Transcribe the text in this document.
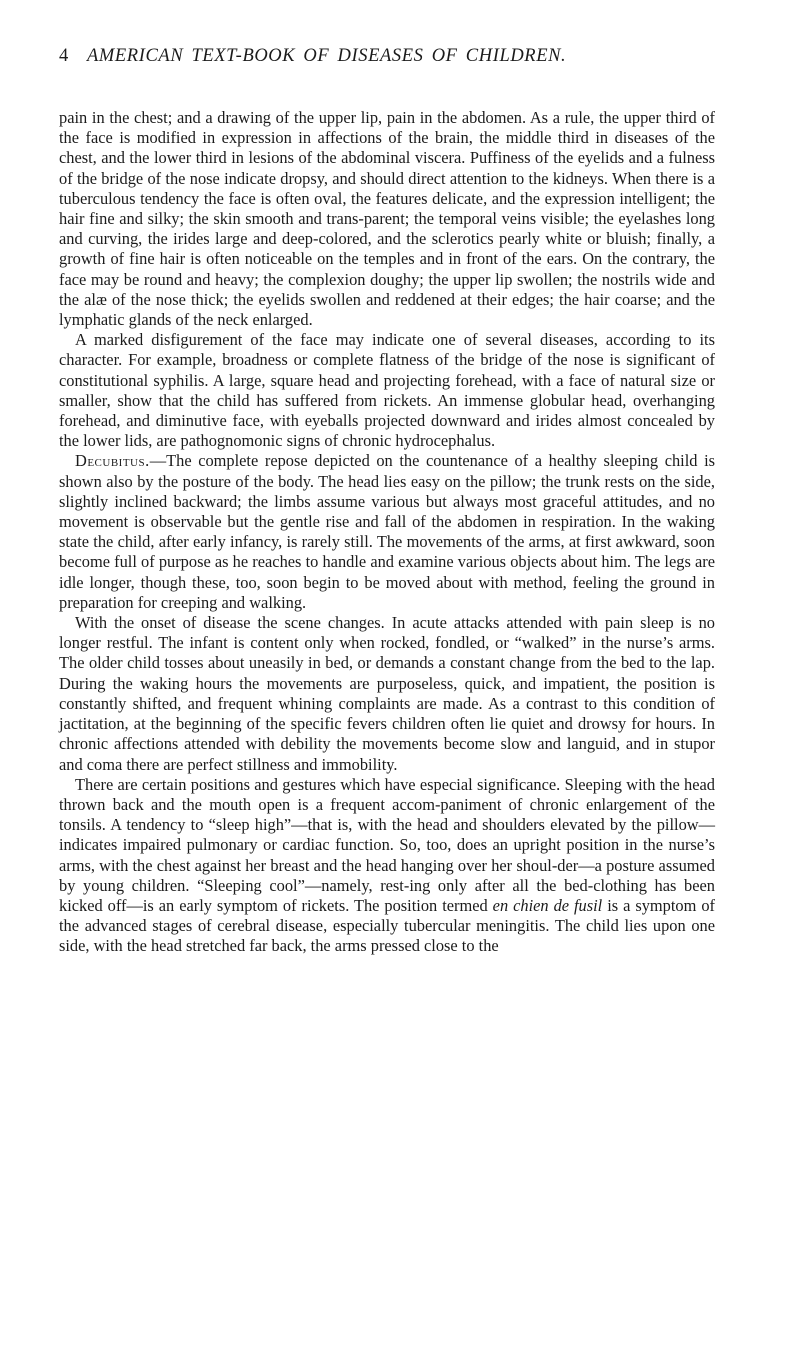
4 AMERICAN TEXT-BOOK OF DISEASES OF CHILDREN.

pain in the chest; and a drawing of the upper lip, pain in the abdomen. As a rule, the upper third of the face is modified in expression in affections of the brain, the middle third in diseases of the chest, and the lower third in lesions of the abdominal viscera. Puffiness of the eyelids and a fulness of the bridge of the nose indicate dropsy, and should direct attention to the kidneys. When there is a tuberculous tendency the face is often oval, the features delicate, and the expression intelligent; the hair fine and silky; the skin smooth and trans-parent; the temporal veins visible; the eyelashes long and curving, the irides large and deep-colored, and the sclerotics pearly white or bluish; finally, a growth of fine hair is often noticeable on the temples and in front of the ears. On the contrary, the face may be round and heavy; the complexion doughy; the upper lip swollen; the nostrils wide and the alæ of the nose thick; the eyelids swollen and reddened at their edges; the hair coarse; and the lymphatic glands of the neck enlarged.

A marked disfigurement of the face may indicate one of several diseases, according to its character. For example, broadness or complete flatness of the bridge of the nose is significant of constitutional syphilis. A large, square head and projecting forehead, with a face of natural size or smaller, show that the child has suffered from rickets. An immense globular head, overhanging forehead, and diminutive face, with eyeballs projected downward and irides almost concealed by the lower lids, are pathognomonic signs of chronic hydrocephalus.

Decubitus.—The complete repose depicted on the countenance of a healthy sleeping child is shown also by the posture of the body. The head lies easy on the pillow; the trunk rests on the side, slightly inclined backward; the limbs assume various but always most graceful attitudes, and no movement is observable but the gentle rise and fall of the abdomen in respiration. In the waking state the child, after early infancy, is rarely still. The movements of the arms, at first awkward, soon become full of purpose as he reaches to handle and examine various objects about him. The legs are idle longer, though these, too, soon begin to be moved about with method, feeling the ground in preparation for creeping and walking.

With the onset of disease the scene changes. In acute attacks attended with pain sleep is no longer restful. The infant is content only when rocked, fondled, or “walked” in the nurse’s arms. The older child tosses about uneasily in bed, or demands a constant change from the bed to the lap. During the waking hours the movements are purposeless, quick, and impatient, the position is constantly shifted, and frequent whining complaints are made. As a contrast to this condition of jactitation, at the beginning of the specific fevers children often lie quiet and drowsy for hours. In chronic affections attended with debility the movements become slow and languid, and in stupor and coma there are perfect stillness and immobility.

There are certain positions and gestures which have especial significance. Sleeping with the head thrown back and the mouth open is a frequent accom-paniment of chronic enlargement of the tonsils. A tendency to “sleep high”—that is, with the head and shoulders elevated by the pillow—indicates impaired pulmonary or cardiac function. So, too, does an upright position in the nurse’s arms, with the chest against her breast and the head hanging over her shoul-der—a posture assumed by young children. “Sleeping cool”—namely, rest-ing only after all the bed-clothing has been kicked off—is an early symptom of rickets. The position termed en chien de fusil is a symptom of the advanced stages of cerebral disease, especially tubercular meningitis. The child lies upon one side, with the head stretched far back, the arms pressed close to the
